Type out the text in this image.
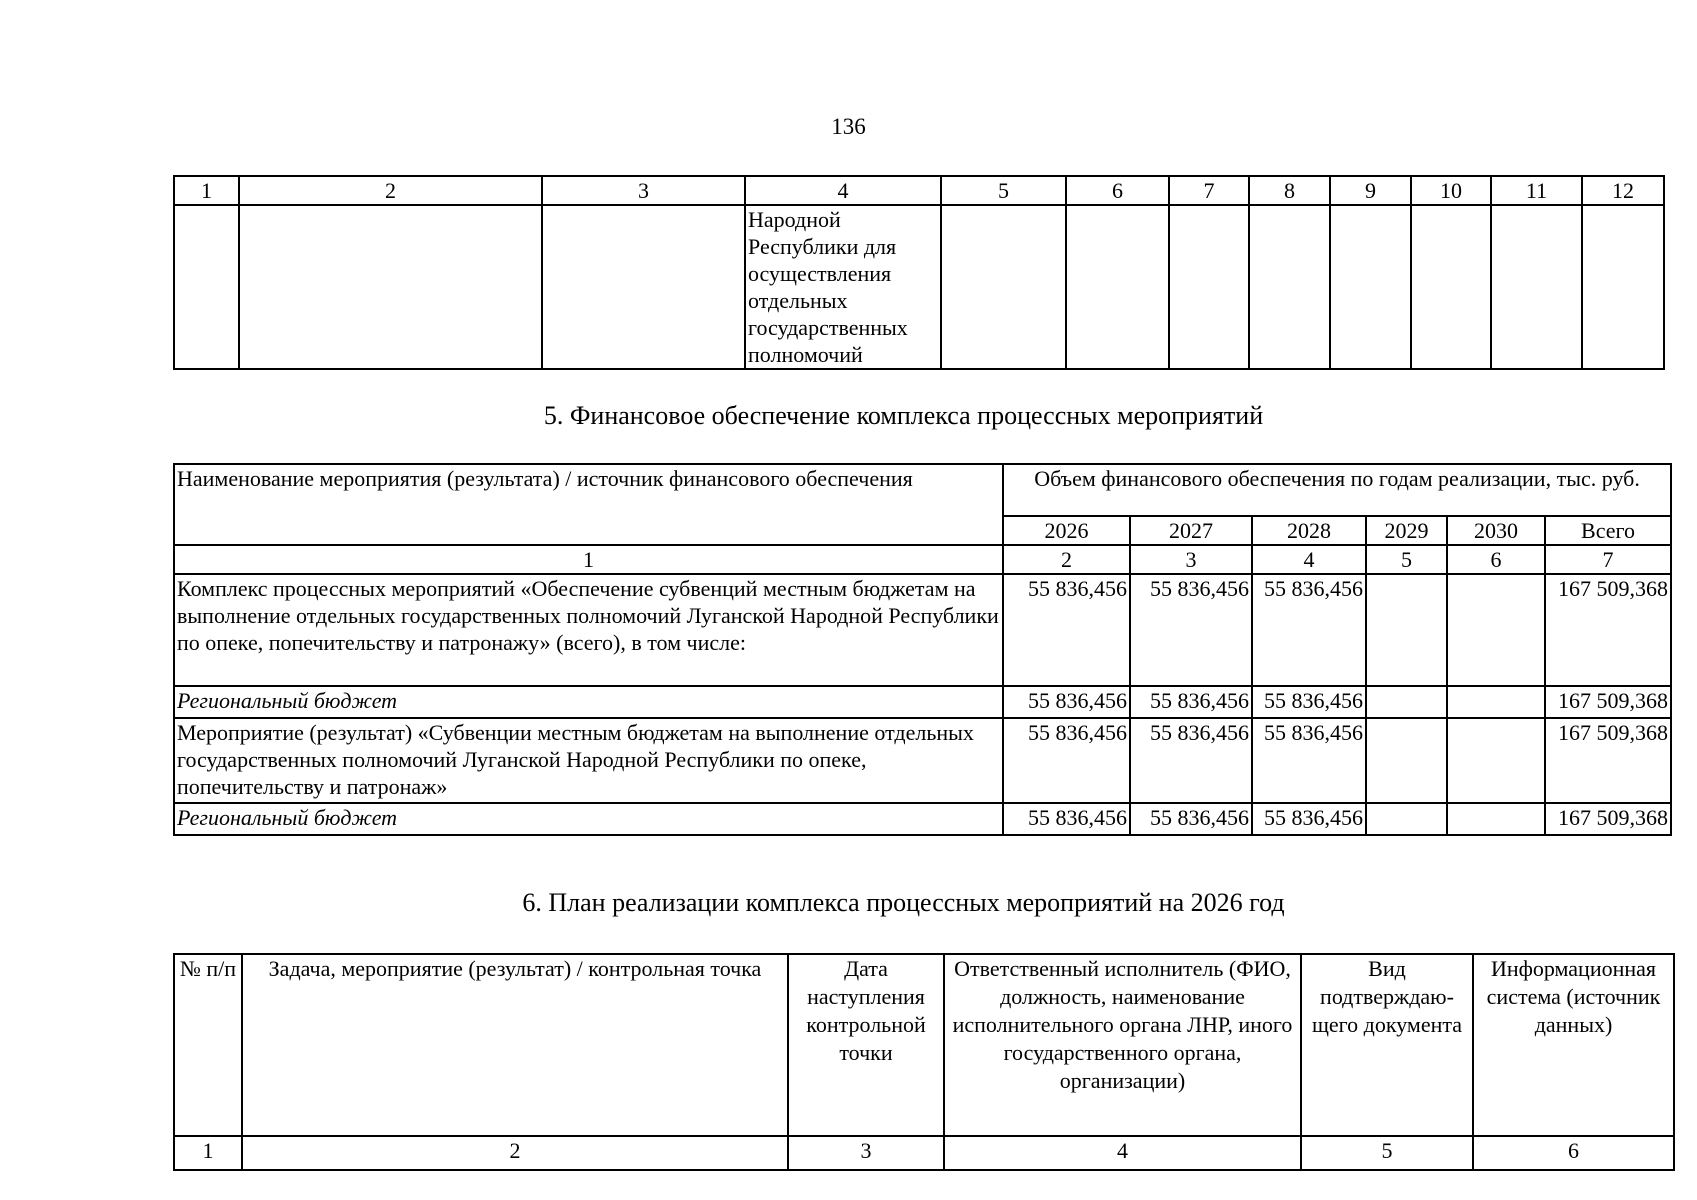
136
1	2	3	4	5	6	7	8	9	10	11	12
			Народной Республики для осуществления отдельных государственных полномочий								
5. Финансовое обеспечение комплекса процессных мероприятий
Наименование мероприятия (результата) / источник финансового обеспечения	Объем финансового обеспечения по годам реализации, тыс. руб.					
	2026	2027	2028	2029	2030	Всего
1	2	3	4	5	6	7
Комплекс процессных мероприятий «Обеспечение субвенций местным бюджетам на выполнение отдельных государственных полномочий Луганской Народной Республики по опеке, попечительству и патронажу» (всего), в том числе:	55 836,456	55 836,456	55 836,456			167 509,368
Региональный бюджет	55 836,456	55 836,456	55 836,456			167 509,368
Мероприятие (результат) «Субвенции местным бюджетам на выполнение отдельных государственных полномочий Луганской Народной Республики по опеке, попечительству и патронаж»	55 836,456	55 836,456	55 836,456			167 509,368
Региональный бюджет	55 836,456	55 836,456	55 836,456			167 509,368
6. План реализации комплекса процессных мероприятий на 2026 год
№ п/п	Задача, мероприятие (результат) / контрольная точка	Дата наступления контрольной точки	Ответственный исполнитель (ФИО, должность, наименование исполнительного органа ЛНР, иного государственного органа, организации)	Вид подтверждаю-щего документа	Информационная система (источник данных)
1	2	3	4	5	6
